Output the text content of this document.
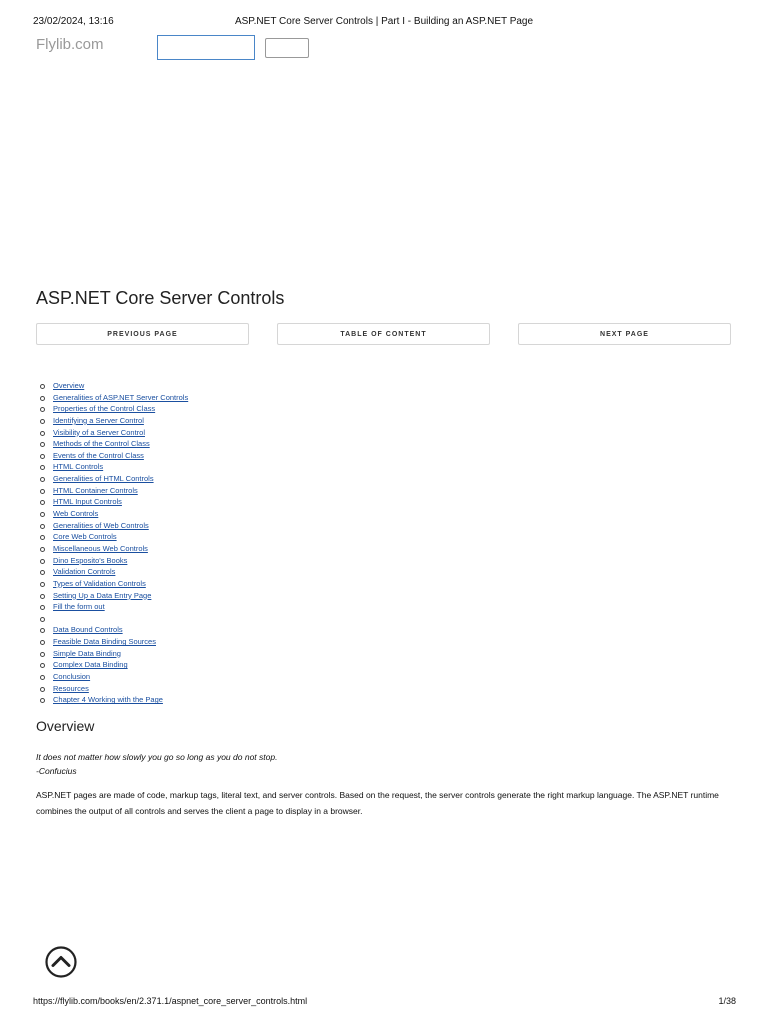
23/02/2024, 13:16	ASP.NET Core Server Controls | Part I - Building an ASP.NET Page
Flylib.com
ASP.NET Core Server Controls
PREVIOUS PAGE	TABLE OF CONTENT	NEXT PAGE
Overview
Generalities of ASP.NET Server Controls
Properties of the Control Class
Identifying a Server Control
Visibility of a Server Control
Methods of the Control Class
Events of the Control Class
HTML Controls
Generalities of HTML Controls
HTML Container Controls
HTML Input Controls
Web Controls
Generalities of Web Controls
Core Web Controls
Miscellaneous Web Controls
Dino Esposito's Books
Validation Controls
Types of Validation Controls
Setting Up a Data Entry Page
Fill the form out
Data Bound Controls
Feasible Data Binding Sources
Simple Data Binding
Complex Data Binding
Conclusion
Resources
Chapter 4 Working with the Page
Overview
It does not matter how slowly you go so long as you do not stop.
-Confucius
ASP.NET pages are made of code, markup tags, literal text, and server controls. Based on the request, the server controls generate the right markup language. The ASP.NET runtime combines the output of all controls and serves the client a page to display in a browser.
https://flylib.com/books/en/2.371.1/aspnet_core_server_controls.html	1/38
